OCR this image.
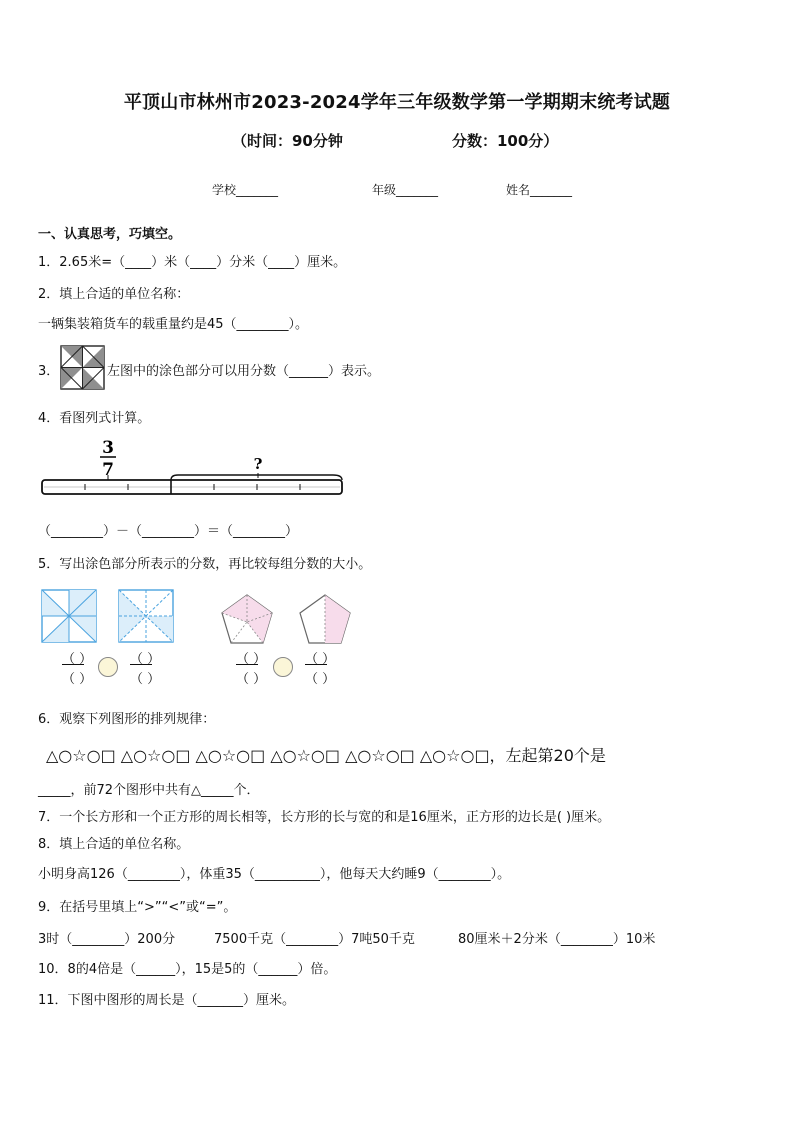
平顶山市林州市2023-2024学年三年级数学第一学期期末统考试题
（时间：90分钟	分数：100分）
学校_______	年级_______	姓名_______
一、认真思考，巧填空。
1．2.65米=（____）米（____）分米（____）厘米。
2．填上合适的单位名称：
一辆集装箱货车的载重量约是45（________）。
3．	左图中的涂色部分可以用分数（______）表示。
4．看图列式计算。
3
7	?
（________）－（________）＝（________）
5．写出涂色部分所表示的分数，再比较每组分数的大小。
（ ）
（ ）
（ ）
（ ）
（ ）
（ ）
（ ）
（ ）
6．观察下列图形的排列规律：
△○☆○□ △○☆○□ △○☆○□ △○☆○□ △○☆○□ △○☆○□，左起第20个是
_____，前72个图形中共有△_____个．
7．一个长方形和一个正方形的周长相等，长方形的长与宽的和是16厘米，正方形的边长是( )厘米。
8．填上合适的单位名称。
小明身高126（________），体重35（__________），他每天大约睡9（________）。
9．在括号里填上“>”“<”或“=”。
3时（________）200分	7500千克（________）7吨50千克	80厘米＋2分米（________）10米
10．8的4倍是（______），15是5的（______）倍。
11．下图中图形的周长是（_______）厘米。
